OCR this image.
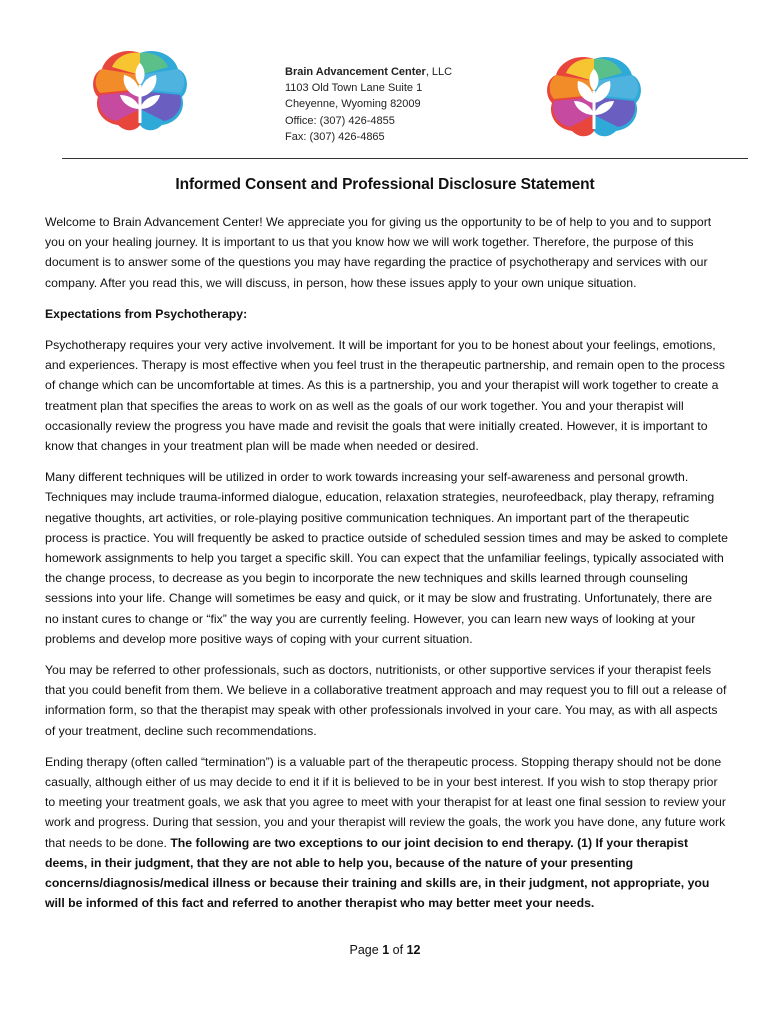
Brain Advancement Center, LLC
1103 Old Town Lane Suite 1
Cheyenne, Wyoming 82009
Office: (307) 426-4855
Fax: (307) 426-4865
Informed Consent and Professional Disclosure Statement

Welcome to Brain Advancement Center! We appreciate you for giving us the opportunity to be of help to you and to support you on your healing journey. It is important to us that you know how we will work together. Therefore, the purpose of this document is to answer some of the questions you may have regarding the practice of psychotherapy and services with our company. After you read this, we will discuss, in person, how these issues apply to your own unique situation.

Expectations from Psychotherapy:

Psychotherapy requires your very active involvement. It will be important for you to be honest about your feelings, emotions, and experiences. Therapy is most effective when you feel trust in the therapeutic partnership, and remain open to the process of change which can be uncomfortable at times. As this is a partnership, you and your therapist will work together to create a treatment plan that specifies the areas to work on as well as the goals of our work together. You and your therapist will occasionally review the progress you have made and revisit the goals that were initially created. However, it is important to know that changes in your treatment plan will be made when needed or desired.

Many different techniques will be utilized in order to work towards increasing your self-awareness and personal growth. Techniques may include trauma-informed dialogue, education, relaxation strategies, neurofeedback, play therapy, reframing negative thoughts, art activities, or role-playing positive communication techniques. An important part of the therapeutic process is practice. You will frequently be asked to practice outside of scheduled session times and may be asked to complete homework assignments to help you target a specific skill. You can expect that the unfamiliar feelings, typically associated with the change process, to decrease as you begin to incorporate the new techniques and skills learned through counseling sessions into your life. Change will sometimes be easy and quick, or it may be slow and frustrating. Unfortunately, there are no instant cures to change or “fix” the way you are currently feeling. However, you can learn new ways of looking at your problems and develop more positive ways of coping with your current situation.

You may be referred to other professionals, such as doctors, nutritionists, or other supportive services if your therapist feels that you could benefit from them. We believe in a collaborative treatment approach and may request you to fill out a release of information form, so that the therapist may speak with other professionals involved in your care. You may, as with all aspects of your treatment, decline such recommendations.

Ending therapy (often called “termination”) is a valuable part of the therapeutic process. Stopping therapy should not be done casually, although either of us may decide to end it if it is believed to be in your best interest. If you wish to stop therapy prior to meeting your treatment goals, we ask that you agree to meet with your therapist for at least one final session to review your work and progress. During that session, you and your therapist will review the goals, the work you have done, any future work that needs to be done. The following are two exceptions to our joint decision to end therapy. (1) If your therapist deems, in their judgment, that they are not able to help you, because of the nature of your presenting concerns/diagnosis/medical illness or because their training and skills are, in their judgment, not appropriate, you will be informed of this fact and referred to another therapist who may better meet your needs.

Page 1 of 12
